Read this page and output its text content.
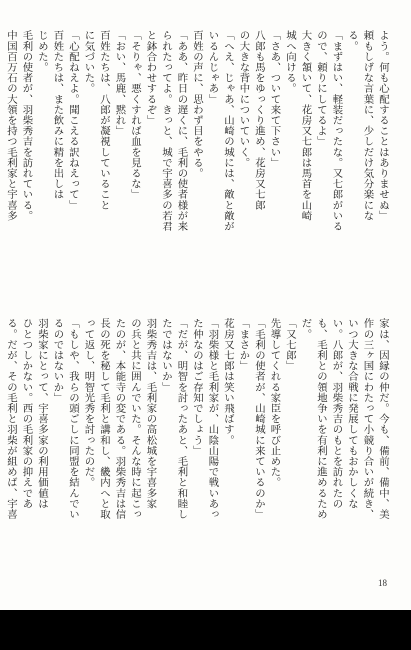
よう。何も心配することはありませぬ」
頼もしげな言葉に、少しだけ気分楽にな
る。
「まずはい、軽装だったな。又七郎がいる
ので、頼りにしてるよ」
大きく頷いて、花房又七郎は馬首を山崎
城へ向ける。
「さあ、ついて来て下さい」
八郎も馬をゆっくり進め、花房又七郎
の大きな背中についていく。
「へえ、じゃあ、山崎の城には、敵と敵が
いるんじゃあ」
百姓の声に、思わず目をやる。
「ああ、昨日の遅くに、毛利の使者様が来
られたってよ。きっと、城で宇喜多の若君
と鉢合わせするぞ」
「そりゃ、悪くすれば血を見るな」
「おい、馬鹿、黙れ」
百姓たちは、八郎が凝視していること
に気づいた。
「心配ねえよ。聞こえる訳ねえって」
百姓たちは、また飲みに精を出しは
じめた。
毛利の使者が、羽柴秀吉を訪れている。
中国百万石の大領を持つ毛利家と宇喜多
家は、因縁の仲だ。今も、備前、備中、美
作の三ヶ国にわたって小競り合いが続き、
いつ大きな合戦に発展してもおかしくな
い。八郎が、羽柴秀吉のもとを訪れたの
も、毛利との領地争いを有利に進めるため
だ。
「又七郎」
先導してくれる家臣を呼び止めた。
「毛利の使者が、山崎城に来ているのか」
「まさか」
花房又七郎は笑い飛ばす。
「羽柴様と毛利家が、山陰山陽で戦いあっ
た仲なのはご存知でしょう」
「だが、明智を討ったあと、毛利と和睦し
たではないか」
羽柴秀吉は、毛利家の高松城を宇喜多家
の兵と共に囲んでいた。そんな時に起こっ
たのが、本能寺の変である。羽柴秀吉は信
長の死を秘して毛利と講和し、畿内へと取
って返し、明智光秀を討ったのだ。
「もしや、我らの頭ごしに同盟を結んでい
るのではないか」
羽柴家にとって、宇喜多家の利用価値は
ひとつしかない。西の毛利家の抑えであ
る。だが、その毛利と羽柴が組めば、宇喜
18
